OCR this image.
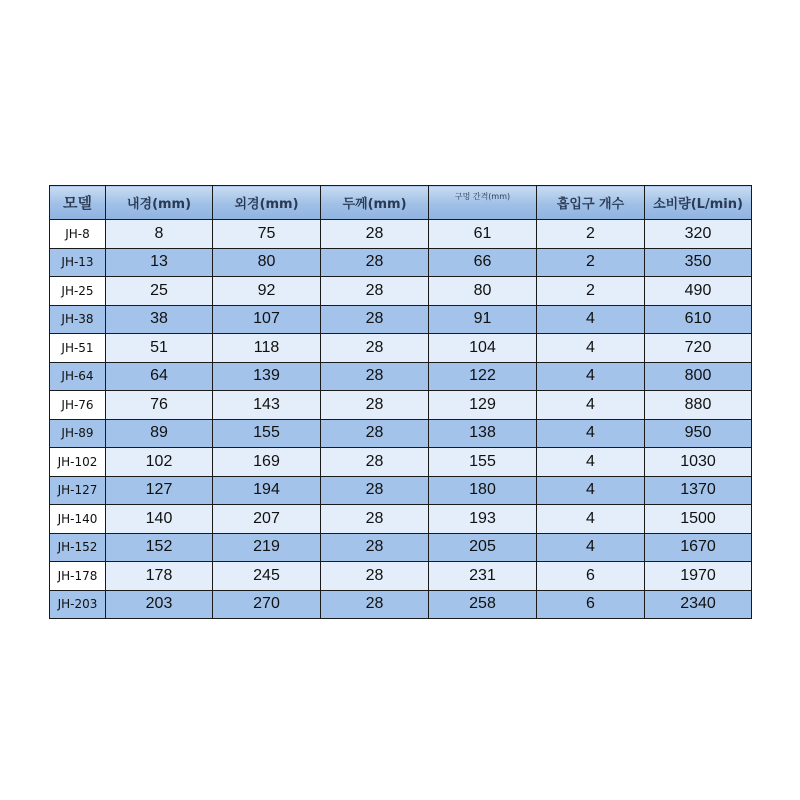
모델	내경(mm)	외경(mm)	두께(mm)	구멍 간격(mm)	흡입구 개수	소비량(L/min)
JH-8	8	75	28	61	2	320
JH-13	13	80	28	66	2	350
JH-25	25	92	28	80	2	490
JH-38	38	107	28	91	4	610
JH-51	51	118	28	104	4	720
JH-64	64	139	28	122	4	800
JH-76	76	143	28	129	4	880
JH-89	89	155	28	138	4	950
JH-102	102	169	28	155	4	1030
JH-127	127	194	28	180	4	1370
JH-140	140	207	28	193	4	1500
JH-152	152	219	28	205	4	1670
JH-178	178	245	28	231	6	1970
JH-203	203	270	28	258	6	2340
